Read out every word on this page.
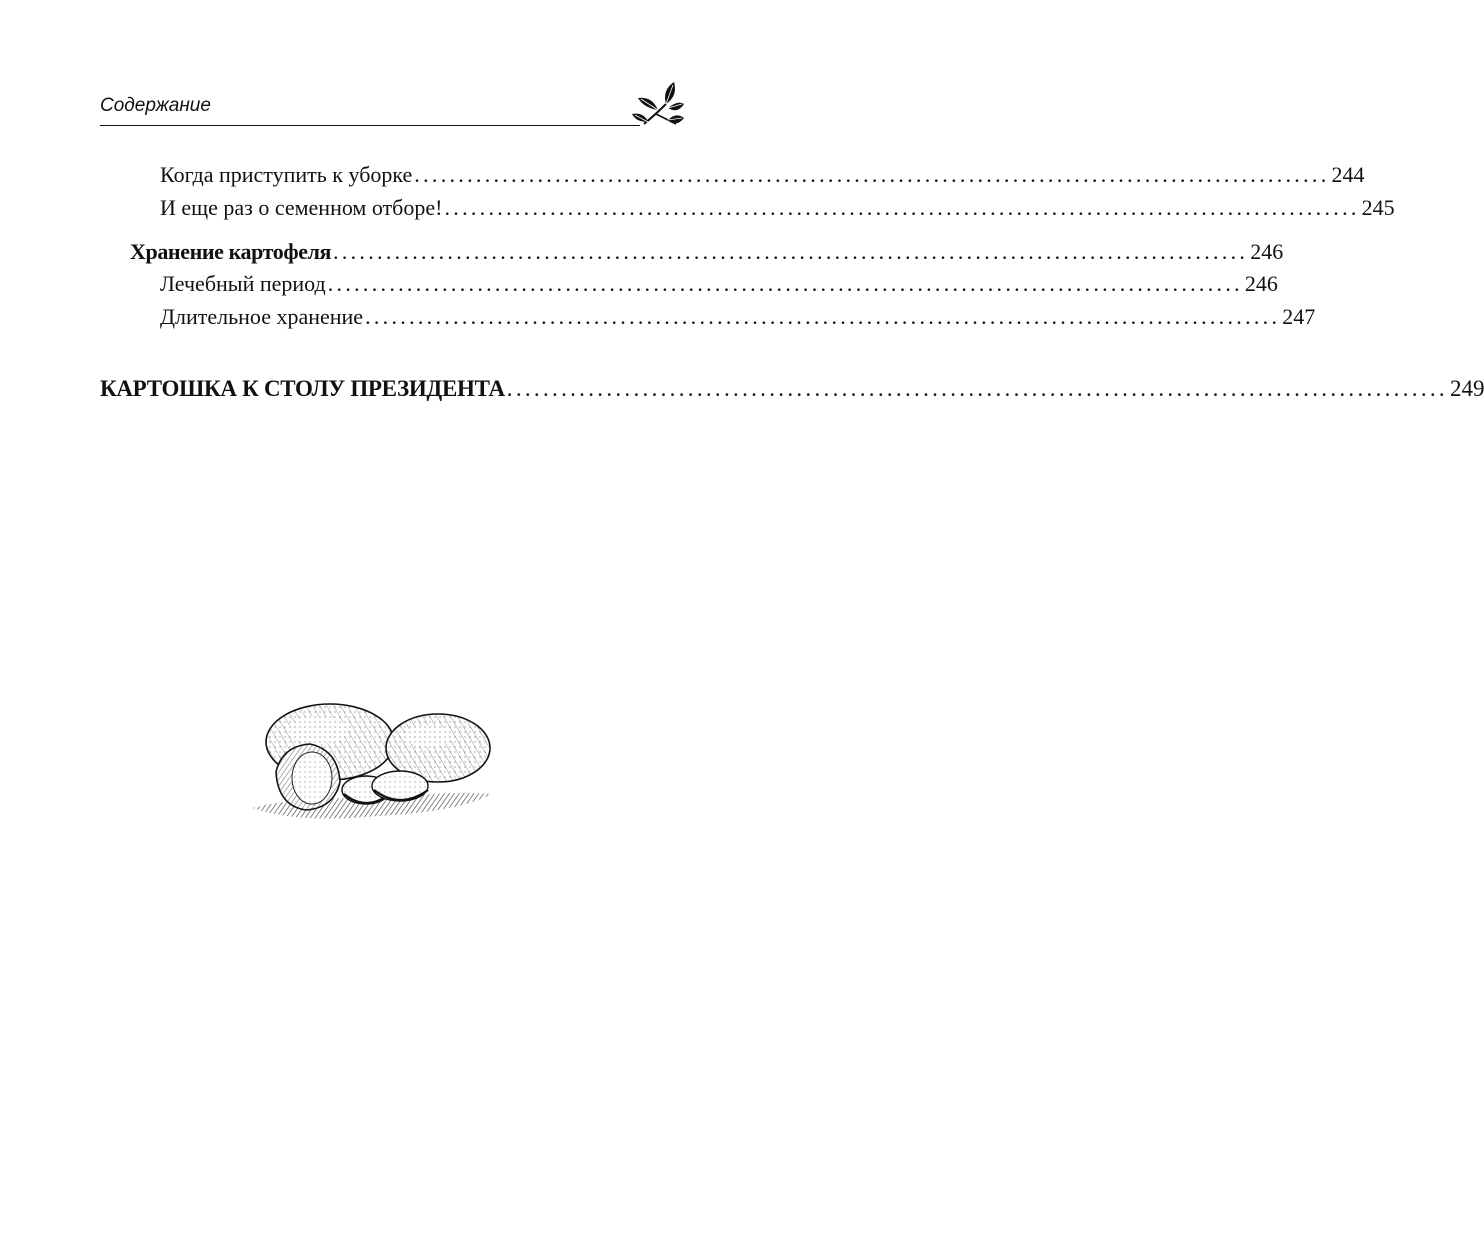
Содержание
Когда приступить к уборке ........................................................................................................ 244
И еще раз о семенном отборе! ........................................................................................................ 245
Хранение картофеля ........................................................................................................ 246
Лечебный период ........................................................................................................ 246
Длительное хранение ........................................................................................................ 247
КАРТОШКА К СТОЛУ ПРЕЗИДЕНТА ........................................................................................................ 249
